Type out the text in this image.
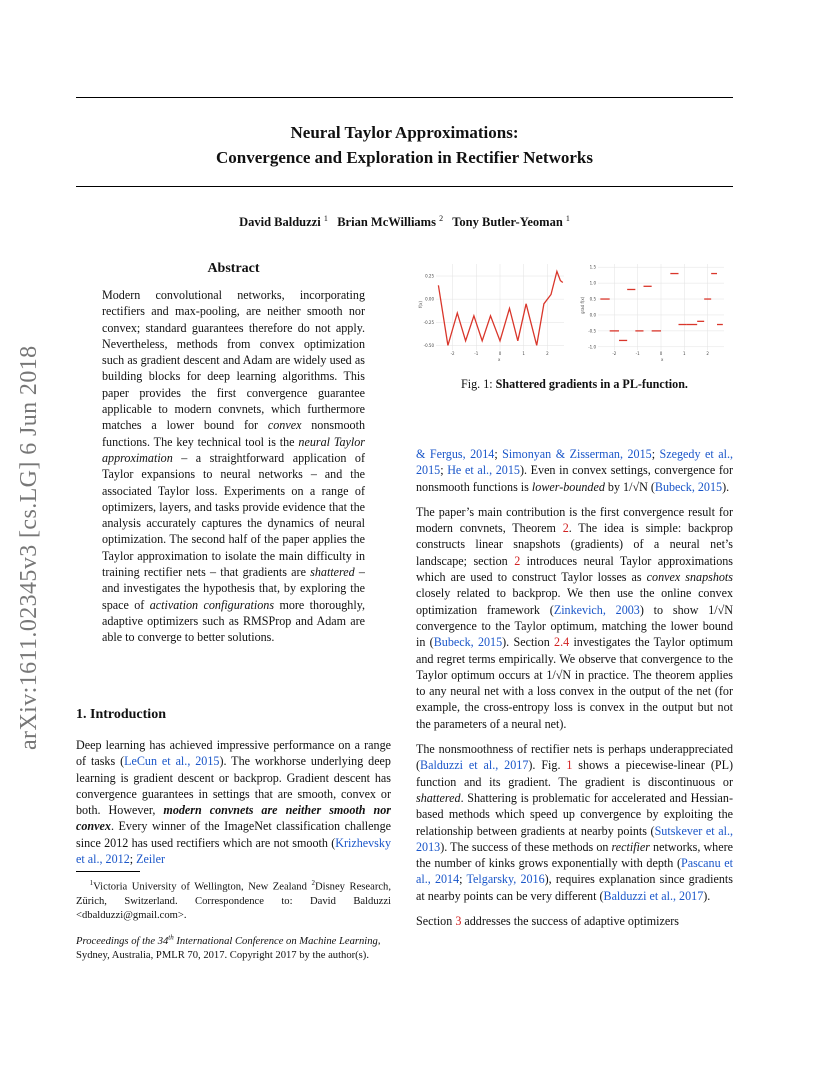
Neural Taylor Approximations:
Convergence and Exploration in Rectifier Networks
David Balduzzi $^1$ Brian McWilliams $^2$ Tony Butler-Yeoman $^1$
arXiv:1611.02345v3 [cs.LG] 6 Jun 2018
Abstract
Modern convolutional networks, incorporating rectifiers and max-pooling, are neither smooth nor convex; standard guarantees therefore do not apply. Nevertheless, methods from convex optimization such as gradient descent and Adam are widely used as building blocks for deep learning algorithms. This paper provides the first convergence guarantee applicable to modern convnets, which furthermore matches a lower bound for convex nonsmooth functions. The key technical tool is the neural Taylor approximation – a straightforward application of Taylor expansions to neural networks – and the associated Taylor loss. Experiments on a range of optimizers, layers, and tasks provide evidence that the analysis accurately captures the dynamics of neural optimization. The second half of the paper applies the Taylor approximation to isolate the main difficulty in training rectifier nets – that gradients are shattered – and investigates the hypothesis that, by exploring the space of activation configurations more thoroughly, adaptive optimizers such as RMSProp and Adam are able to converge to better solutions.
1. Introduction
Deep learning has achieved impressive performance on a range of tasks (LeCun et al., 2015). The workhorse underlying deep learning is gradient descent or backprop. Gradient descent has convergence guarantees in settings that are smooth, convex or both. However, modern convnets are neither smooth nor convex. Every winner of the ImageNet classification challenge since 2012 has used rectifiers which are not smooth (Krizhevsky et al., 2012; Zeiler
$^1$Victoria University of Wellington, New Zealand $^2$Disney Research, Zürich, Switzerland. Correspondence to: David Balduzzi <dbalduzzi@gmail.com>.
Proceedings of the 34th International Conference on Machine Learning, Sydney, Australia, PMLR 70, 2017. Copyright 2017 by the author(s).
0.25
0.00
-0.25
-0.50
-2	-1	0	1	2
f(x)
x
1.5
1.0
0.5
0.0
-0.5
-1.0
-2	-1	0	1	2
grad f(x)
x
Fig. 1: Shattered gradients in a PL-function.

& Fergus, 2014; Simonyan & Zisserman, 2015; Szegedy et al., 2015; He et al., 2015). Even in convex settings, convergence for nonsmooth functions is lower-bounded by 1/√N (Bubeck, 2015).

The paper’s main contribution is the first convergence result for modern convnets, Theorem 2. The idea is simple: backprop constructs linear snapshots (gradients) of a neural net’s landscape; section 2 introduces neural Taylor approximations which are used to construct Taylor losses as convex snapshots closely related to backprop. We then use the online convex optimization framework (Zinkevich, 2003) to show 1/√N convergence to the Taylor optimum, matching the lower bound in (Bubeck, 2015). Section 2.4 investigates the Taylor optimum and regret terms empirically. We observe that convergence to the Taylor optimum occurs at 1/√N in practice. The theorem applies to any neural net with a loss convex in the output of the net (for example, the cross-entropy loss is convex in the output but not the parameters of a neural net).

The nonsmoothness of rectifier nets is perhaps underappreciated (Balduzzi et al., 2017). Fig. 1 shows a piecewise-linear (PL) function and its gradient. The gradient is discontinuous or shattered. Shattering is problematic for accelerated and Hessian-based methods which speed up convergence by exploiting the relationship between gradients at nearby points (Sutskever et al., 2013). The success of these methods on rectifier networks, where the number of kinks grows exponentially with depth (Pascanu et al., 2014; Telgarsky, 2016), requires explanation since gradients at nearby points can be very different (Balduzzi et al., 2017).

Section 3 addresses the success of adaptive optimizers
